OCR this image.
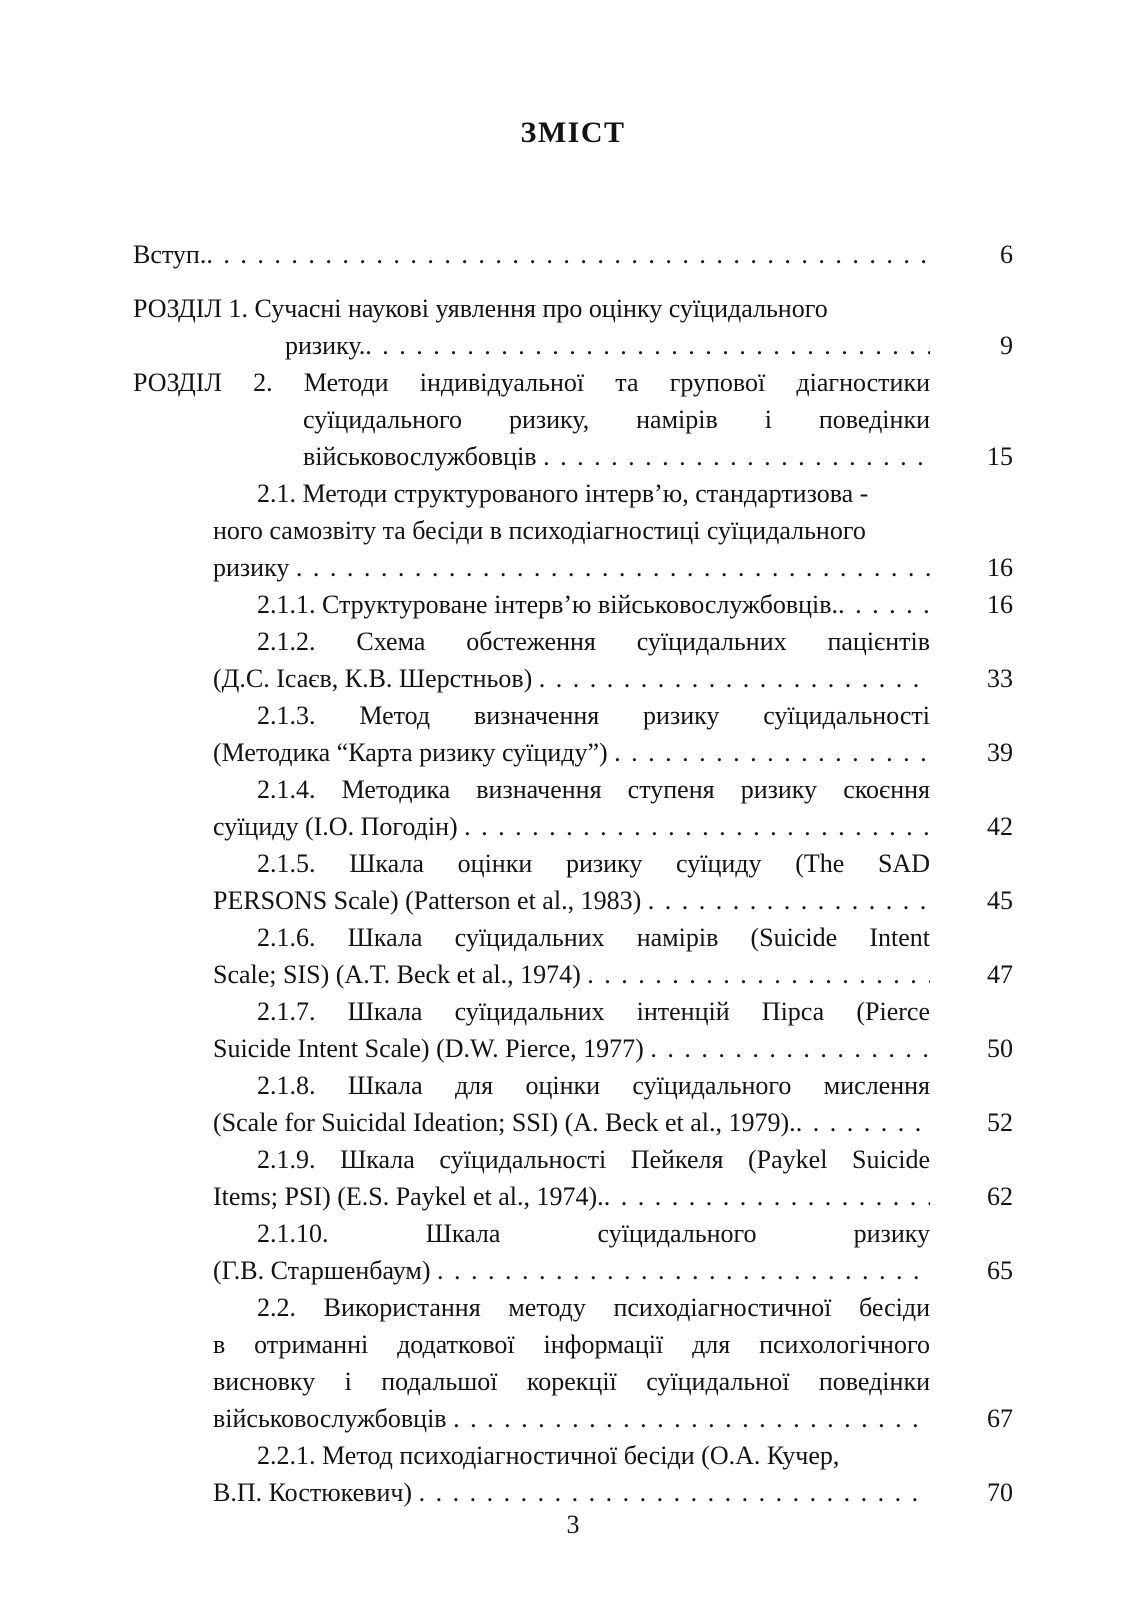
ЗМІСТ
Вступ. . . .	6
РОЗДІЛ 1. Сучасні наукові уявлення про оцінку суїцидального
ризику. . . .	9
РОЗДІЛ 2. Методи індивідуальної та групової діагностики
суїцидального ризику, намірів і поведінки
військовослужбовців . . .	15
2.1. Методи структурованого інтерв’ю, стандартизова -
ного самозвіту та бесіди в психодіагностиці суїцидального
ризику . . .	16
2.1.1. Структуроване інтерв’ю військовослужбовців. . . .	16
2.1.2. Схема обстеження суїцидальних пацієнтів
(Д.С. Ісаєв, К.В. Шерстньов) . . .	33
2.1.3. Метод визначення ризику суїцидальності
(Методика “Карта ризику суїциду”) . . .	39
2.1.4. Методика визначення ступеня ризику скоєння
суїциду (І.О. Погодін) . . .	42
2.1.5. Шкала оцінки ризику суїциду (The SAD
PERSONS Scale) (Patterson et al., 1983) . . .	45
2.1.6. Шкала суїцидальних намірів (Suicide Intent
Scale; SIS) (A.T. Beck et al., 1974) . . .	47
2.1.7. Шкала суїцидальних інтенцій Пірса (Pierce
Suicide Intent Scale) (D.W. Pierce, 1977) . . .	50
2.1.8. Шкала для оцінки суїцидального мислення
(Scale for Suicidal Ideation; SSI) (A. Beck et al., 1979). . . .	52
2.1.9. Шкала суїцидальності Пейкеля (Paykel Suicide
Items; PSI) (E.S. Paykel et al., 1974). . . .	62
2.1.10. Шкала суїцидального ризику
(Г.В. Старшенбаум) . . .	65
2.2. Використання методу психодіагностичної бесіди
в отриманні додаткової інформації для психологічного
висновку і подальшої корекції суїцидальної поведінки
військовослужбовців . . .	67
2.2.1. Метод психодіагностичної бесіди (О.А. Кучер,
В.П. Костюкевич) . . .	70
3
